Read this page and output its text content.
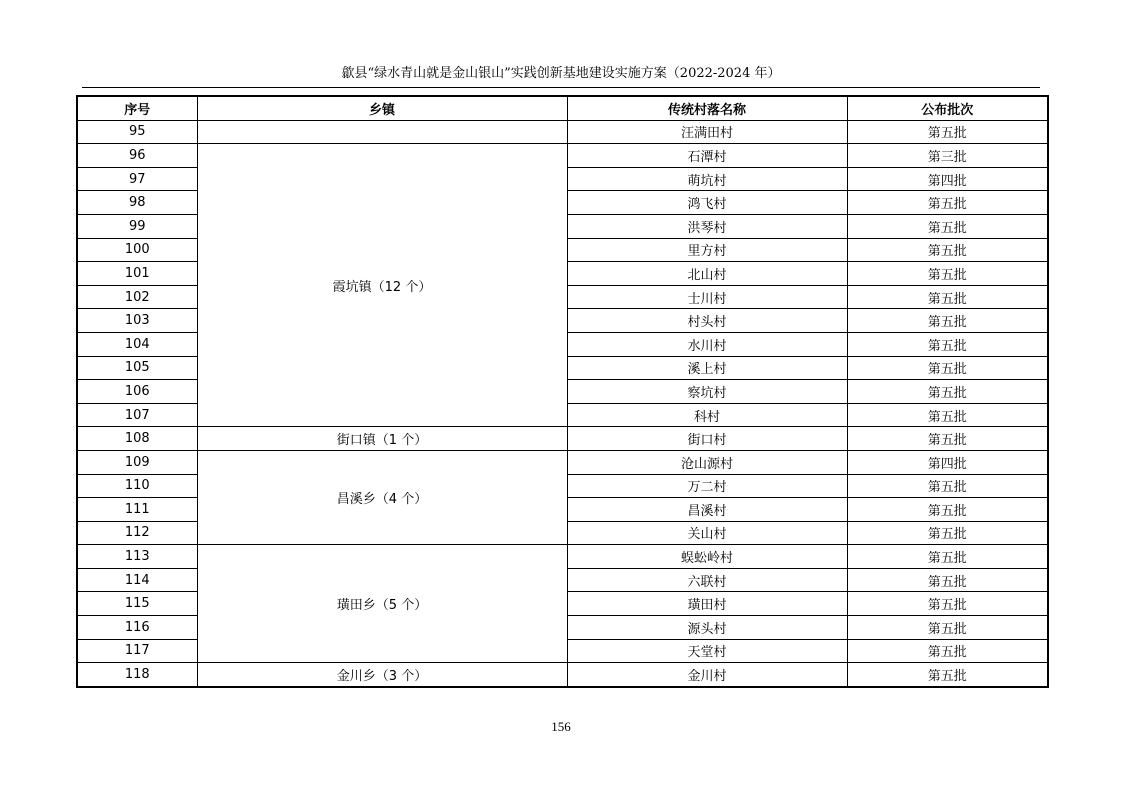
歙县“绿水青山就是金山银山”实践创新基地建设实施方案（2022-2024 年）
序号	乡镇	传统村落名称	公布批次
95		汪满田村	第五批
96	霞坑镇（12 个）	石潭村	第三批
97		萌坑村	第四批
98		鸿飞村	第五批
99		洪琴村	第五批
100		里方村	第五批
101		北山村	第五批
102		士川村	第五批
103		村头村	第五批
104		水川村	第五批
105		溪上村	第五批
106		察坑村	第五批
107		科村	第五批
108	街口镇（1 个）	街口村	第五批
109	昌溪乡（4 个）	沧山源村	第四批
110		万二村	第五批
111		昌溪村	第五批
112		关山村	第五批
113	璜田乡（5 个）	蜈蚣岭村	第五批
114		六联村	第五批
115		璜田村	第五批
116		源头村	第五批
117		天堂村	第五批
118	金川乡（3 个）	金川村	第五批
156
